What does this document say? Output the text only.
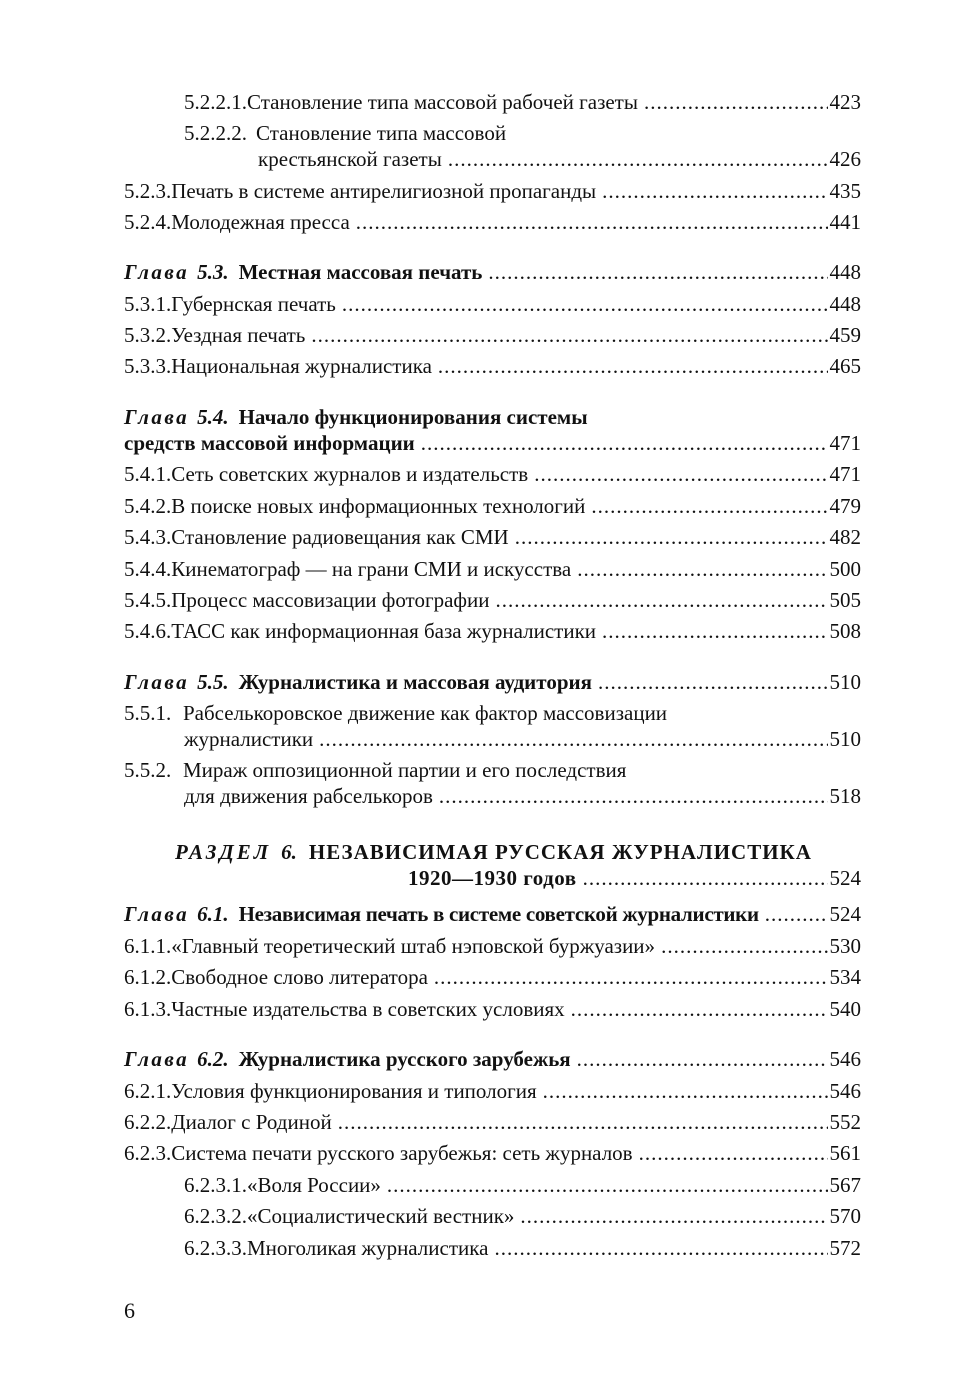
5.2.2.1. Становление типа массовой рабочей газеты .....	423
5.2.2.2. Становление типа массовой
крестьянской газеты .....	426
5.2.3. Печать в системе антирелигиозной пропаганды .....	435
5.2.4. Молодежная пресса .....	441
Глава 5.3. Местная массовая печать .....	448
5.3.1. Губернская печать .....	448
5.3.2. Уездная печать .....	459
5.3.3. Национальная журналистика .....	465
Глава 5.4. Начало функционирования системы
средств массовой информации .....	471
5.4.1. Сеть советских журналов и издательств .....	471
5.4.2. В поиске новых информационных технологий .....	479
5.4.3. Становление радиовещания как СМИ .....	482
5.4.4. Кинематограф — на грани СМИ и искусства .....	500
5.4.5. Процесс массовизации фотографии .....	505
5.4.6. ТАСС как информационная база журналистики .....	508
Глава 5.5. Журналистика и массовая аудитория .....	510
5.5.1. Рабселькоровское движение как фактор массовизации
журналистики .....	510
5.5.2. Мираж оппозиционной партии и его последствия
для движения рабселькоров .....	518
РАЗДЕЛ 6. НЕЗАВИСИМАЯ РУССКАЯ ЖУРНАЛИСТИКА
1920—1930 годов .....	524
Глава 6.1. Независимая печать в системе советской журналистики .....	524
6.1.1. «Главный теоретический штаб нэповской буржуазии» .....	530
6.1.2. Свободное слово литератора .....	534
6.1.3. Частные издательства в советских условиях .....	540
Глава 6.2. Журналистика русского зарубежья .....	546
6.2.1. Условия функционирования и типология .....	546
6.2.2. Диалог с Родиной .....	552
6.2.3. Система печати русского зарубежья: сеть журналов .....	561
6.2.3.1. «Воля России» .....	567
6.2.3.2. «Социалистический вестник» .....	570
6.2.3.3. Многоликая журналистика .....	572
6
